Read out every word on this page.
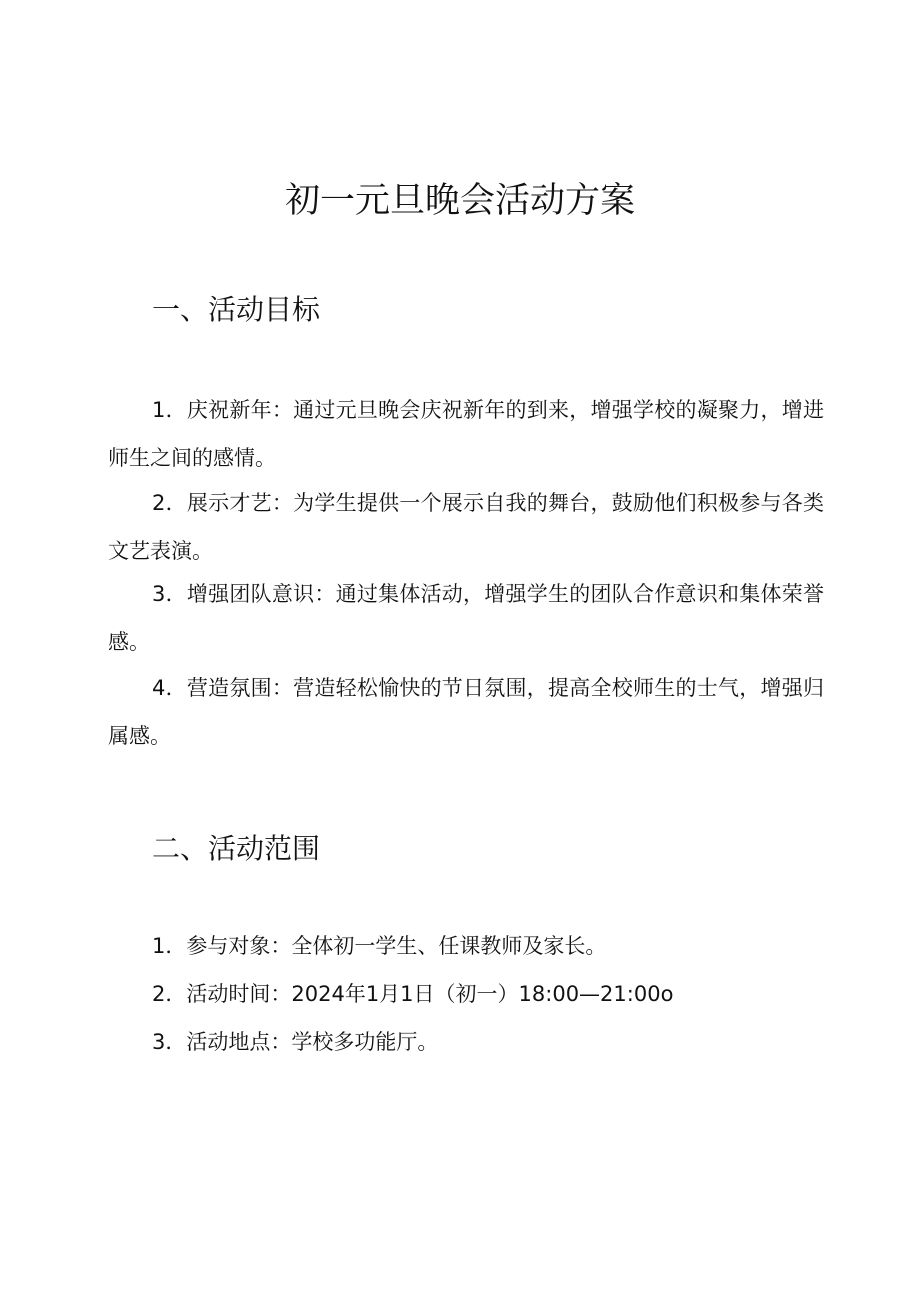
初一元旦晚会活动方案
一、活动目标

1．庆祝新年：通过元旦晚会庆祝新年的到来，增强学校的凝聚力，增进师生之间的感情。

2．展示才艺：为学生提供一个展示自我的舞台，鼓励他们积极参与各类文艺表演。

3．增强团队意识：通过集体活动，增强学生的团队合作意识和集体荣誉感。

4．营造氛围：营造轻松愉快的节日氛围，提高全校师生的士气，增强归属感。

二、活动范围

1．参与对象：全体初一学生、任课教师及家长。

2．活动时间：2024年1月1日（初一）18:00—21:00o

3．活动地点：学校多功能厅。
